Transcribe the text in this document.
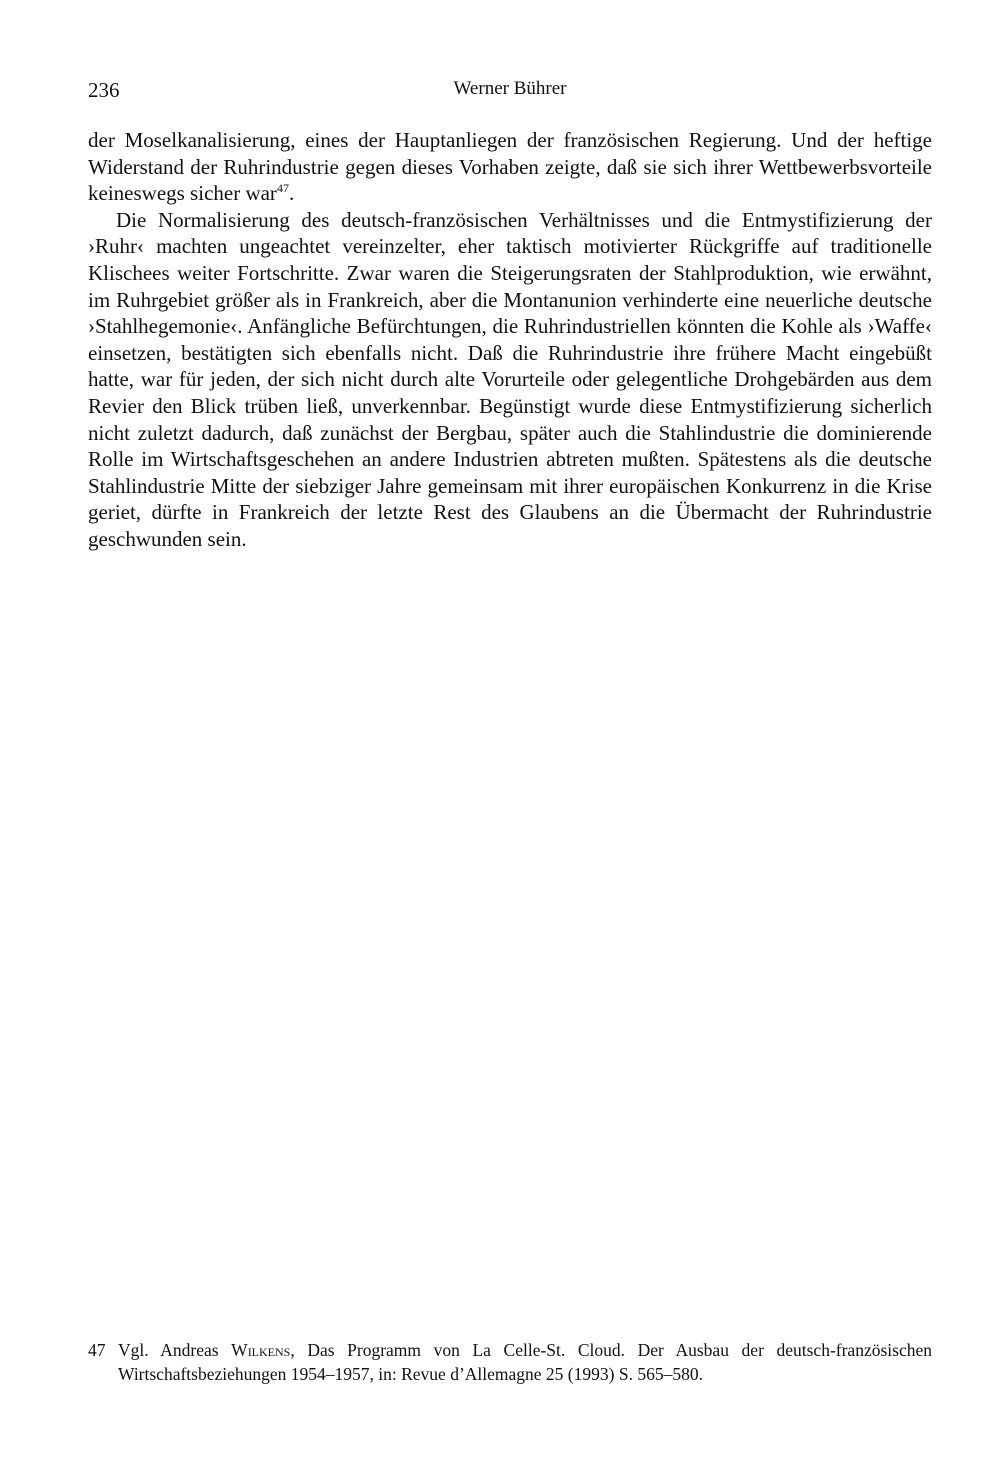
236	Werner Bührer

der Moselkanalisierung, eines der Hauptanliegen der französischen Regierung. Und der heftige Widerstand der Ruhrindustrie gegen dieses Vorhaben zeigte, daß sie sich ihrer Wettbewerbsvorteile keineswegs sicher war$^{47}$.

Die Normalisierung des deutsch-französischen Verhältnisses und die Entmystifizierung der ›Ruhr‹ machten ungeachtet vereinzelter, eher taktisch motivierter Rückgriffe auf traditionelle Klischees weiter Fortschritte. Zwar waren die Steigerungsraten der Stahlproduktion, wie erwähnt, im Ruhrgebiet größer als in Frankreich, aber die Montanunion verhinderte eine neuerliche deutsche ›Stahlhegemonie‹. Anfängliche Befürchtungen, die Ruhrindustriellen könnten die Kohle als ›Waffe‹ einsetzen, bestätigten sich ebenfalls nicht. Daß die Ruhrindustrie ihre frühere Macht eingebüßt hatte, war für jeden, der sich nicht durch alte Vorurteile oder gelegentliche Drohgebärden aus dem Revier den Blick trüben ließ, unverkennbar. Begünstigt wurde diese Entmystifizierung sicherlich nicht zuletzt dadurch, daß zunächst der Bergbau, später auch die Stahlindustrie die dominierende Rolle im Wirtschaftsgeschehen an andere Industrien abtreten mußten. Spätestens als die deutsche Stahlindustrie Mitte der siebziger Jahre gemeinsam mit ihrer europäischen Konkurrenz in die Krise geriet, dürfte in Frankreich der letzte Rest des Glaubens an die Übermacht der Ruhrindustrie geschwunden sein.

47 Vgl. Andreas Wilkens, Das Programm von La Celle-St. Cloud. Der Ausbau der deutsch-französischen Wirtschaftsbeziehungen 1954–1957, in: Revue d’Allemagne 25 (1993) S. 565–580.
